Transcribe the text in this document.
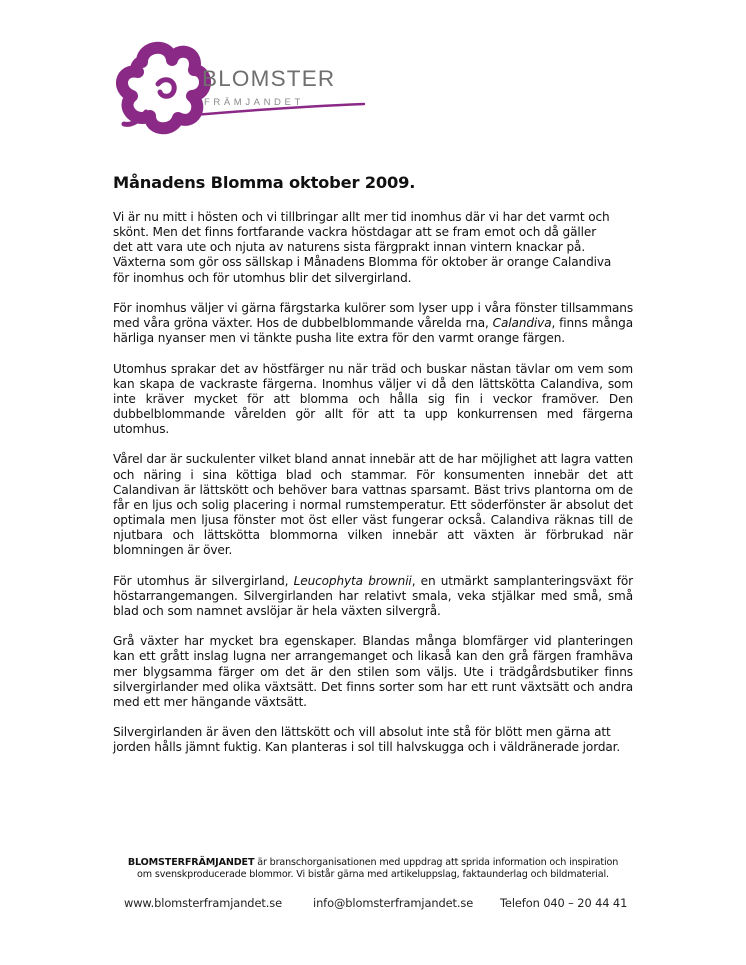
BLOMSTER
FRÄMJANDET
Månadens Blomma oktober 2009.

Vi är nu mitt i hösten och vi tillbringar allt mer tid inomhus där vi har det varmt och
skönt. Men det finns fortfarande vackra höstdagar att se fram emot och då gäller
det att vara ute och njuta av naturens sista färgprakt innan vintern knackar på.
Växterna som gör oss sällskap i Månadens Blomma för oktober är orange Calandiva
för inomhus och för utomhus blir det silvergirland.

För inomhus väljer vi gärna färgstarka kulörer som lyser upp i våra fönster tillsammans med våra gröna växter. Hos de dubbelblommande vårelda rna, Calandiva, finns många härliga nyanser men vi tänkte pusha lite extra för den varmt orange färgen.

Utomhus sprakar det av höstfärger nu när träd och buskar nästan tävlar om vem som kan skapa de vackraste färgerna. Inomhus väljer vi då den lättskötta Calandiva, som inte kräver mycket för att blomma och hålla sig fin i veckor framöver. Den dubbelblommande vårelden gör allt för att ta upp konkurrensen med färgerna utomhus.

Vårel dar är suckulenter vilket bland annat innebär att de har möjlighet att lagra vatten och näring i sina köttiga blad och stammar. För konsumenten innebär det att Calandivan är lättskött och behöver bara vattnas sparsamt. Bäst trivs plantorna om de får en ljus och solig placering i normal rumstemperatur. Ett söderfönster är absolut det optimala men ljusa fönster mot öst eller väst fungerar också. Calandiva räknas till de njutbara och lättskötta blommorna vilken innebär att växten är förbrukad när blomningen är över.

För utomhus är silvergirland, Leucophyta brownii, en utmärkt samplanteringsväxt för höstarrangemangen. Silvergirlanden har relativt smala, veka stjälkar med små, små blad och som namnet avslöjar är hela växten silvergrå.

Grå växter har mycket bra egenskaper. Blandas många blomfärger vid planteringen kan ett grått inslag lugna ner arrangemanget och likaså kan den grå färgen framhäva mer blygsamma färger om det är den stilen som väljs. Ute i trädgårdsbutiker finns silvergirlander med olika växtsätt. Det finns sorter som har ett runt växtsätt och andra med ett mer hängande växtsätt.

Silvergirlanden är även den lättskött och vill absolut inte stå för blött men gärna att
jorden hålls jämnt fuktig. Kan planteras i sol till halvskugga och i väldränerade jordar.

BLOMSTERFRÄMJANDET är branschorganisationen med uppdrag att sprida information och inspiration
om svenskproducerade blommor. Vi bistår gärna med artikeluppslag, faktaunderlag och bildmaterial.
www.blomsterframjandet.se	info@blomsterframjandet.se Telefon 040 – 20 44 41
